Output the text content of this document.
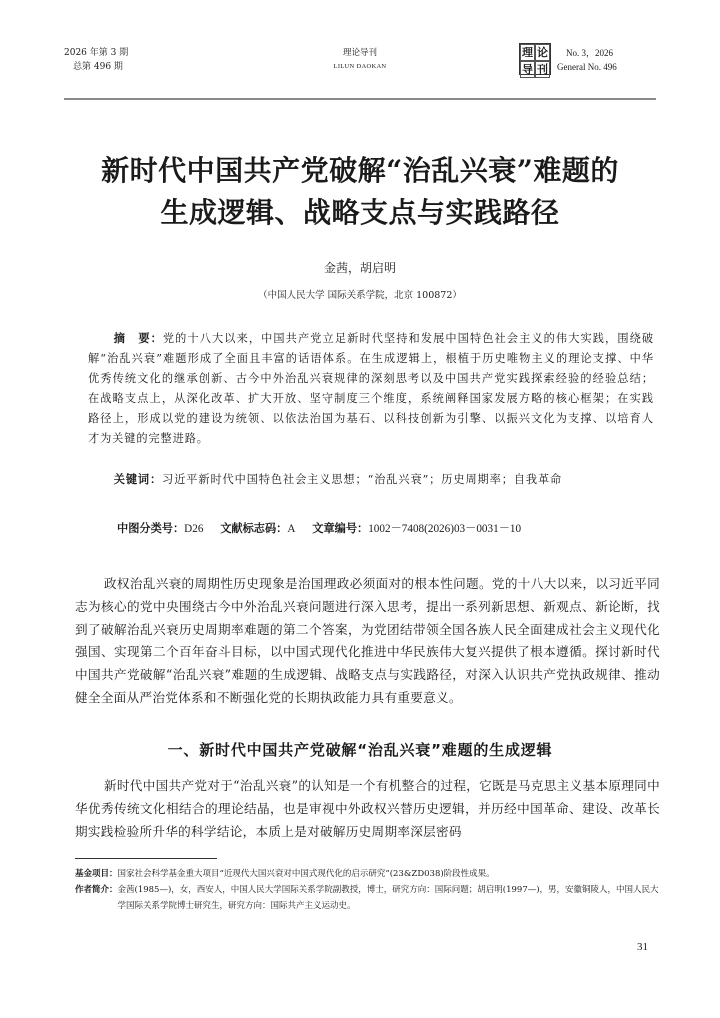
2026 年第 3 期
总第 496 期
理论导刊
LILUN DAOKAN
理 论
导 刊
No. 3，2026
General No. 496
新时代中国共产党破解“治乱兴衰”难题的
生成逻辑、战略支点与实践路径
金茜，胡启明
（中国人民大学 国际关系学院，北京 100872）
摘　要：党的十八大以来，中国共产党立足新时代坚持和发展中国特色社会主义的伟大实践，围绕破解“治乱兴衰”难题形成了全面且丰富的话语体系。在生成逻辑上，根植于历史唯物主义的理论支撑、中华优秀传统文化的继承创新、古今中外治乱兴衰规律的深刻思考以及中国共产党实践探索经验的经验总结；在战略支点上，从深化改革、扩大开放、坚守制度三个维度，系统阐释国家发展方略的核心框架；在实践路径上，形成以党的建设为统领、以依法治国为基石、以科技创新为引擎、以振兴文化为支撑、以培育人才为关键的完整进路。
关键词：习近平新时代中国特色社会主义思想；“治乱兴衰”；历史周期率；自我革命
中图分类号：D26 文献标志码：A 文章编号：1002－7408(2026)03－0031－10
政权治乱兴衰的周期性历史现象是治国理政必须面对的根本性问题。党的十八大以来，以习近平同志为核心的党中央围绕古今中外治乱兴衰问题进行深入思考，提出一系列新思想、新观点、新论断，找到了破解治乱兴衰历史周期率难题的第二个答案，为党团结带领全国各族人民全面建成社会主义现代化强国、实现第二个百年奋斗目标，以中国式现代化推进中华民族伟大复兴提供了根本遵循。探讨新时代中国共产党破解“治乱兴衰”难题的生成逻辑、战略支点与实践路径，对深入认识共产党执政规律、推动健全全面从严治党体系和不断强化党的长期执政能力具有重要意义。
一、新时代中国共产党破解“治乱兴衰”难题的生成逻辑
新时代中国共产党对于“治乱兴衰”的认知是一个有机整合的过程，它既是马克思主义基本原理同中华优秀传统文化相结合的理论结晶，也是审视中外政权兴替历史逻辑，并历经中国革命、建设、改革长期实践检验所升华的科学结论，本质上是对破解历史周期率深层密码
基金项目： 国家社会科学基金重大项目“近现代大国兴衰对中国式现代化的启示研究”(23&ZD038)阶段性成果。
作者简介： 金茜(1985—)，女，西安人，中国人民大学国际关系学院副教授，博士，研究方向：国际问题；胡启明(1997—)，男，安徽铜陵人，中国人民大学国际关系学院博士研究生，研究方向：国际共产主义运动史。
31
